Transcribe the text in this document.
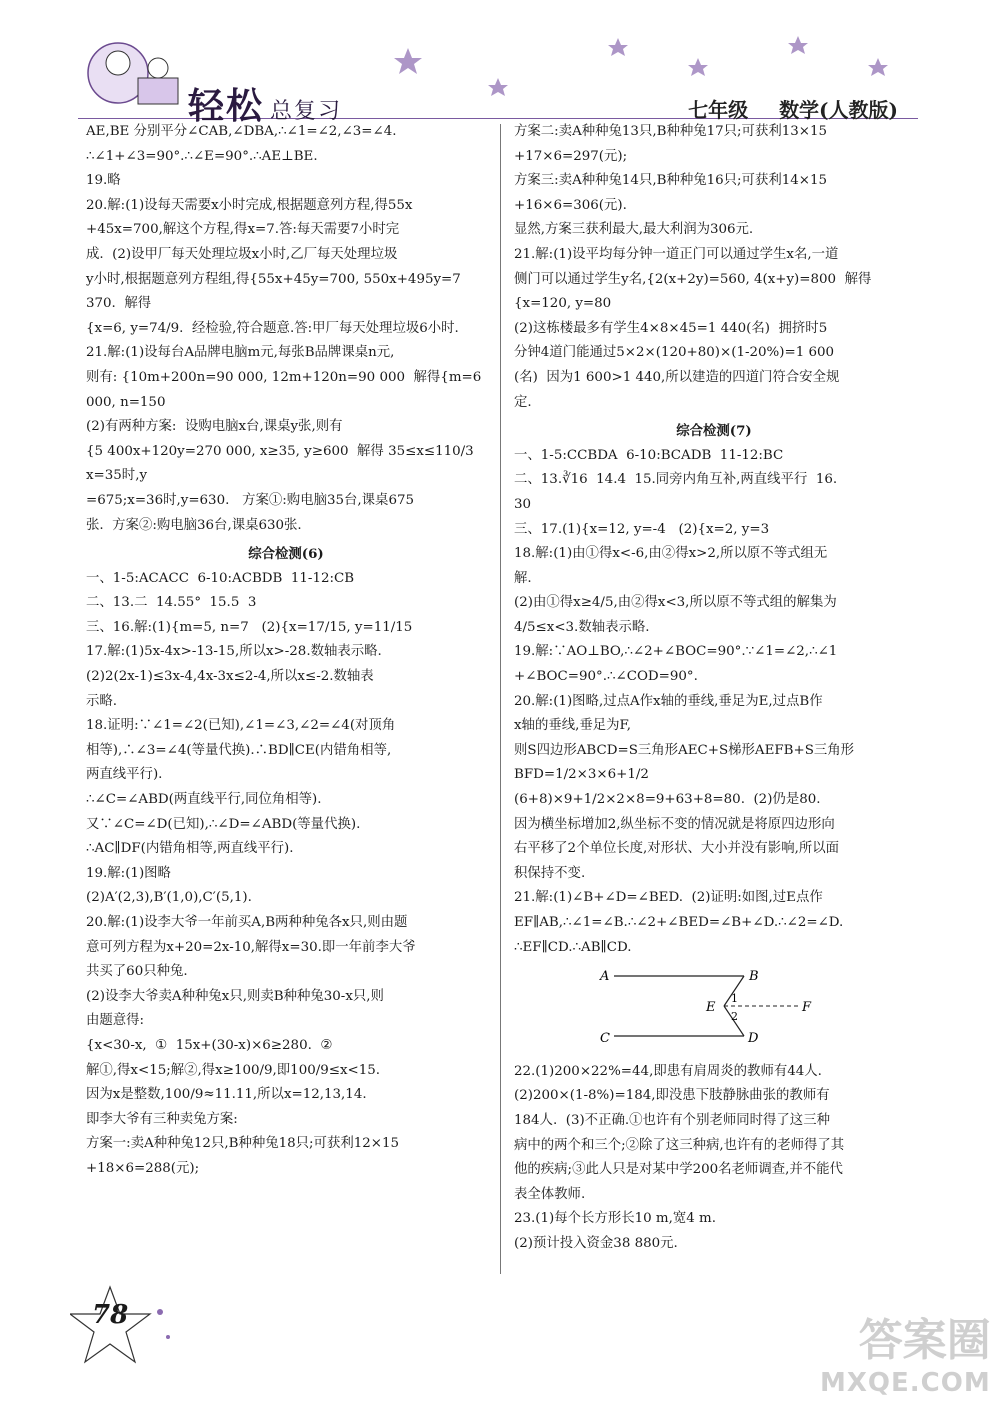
轻松 总复习	七年级 数学(人教版)

AE,BE 分别平分∠CAB,∠DBA,∴∠1=∠2,∠3=∠4.

∴∠1+∠3=90°.∴∠E=90°.∴AE⊥BE.

19.略

20.解:(1)设每天需要x小时完成,根据题意列方程,得55x

+45x=700,解这个方程,得x=7.答:每天需要7小时完

成.  (2)设甲厂每天处理垃圾x小时,乙厂每天处理垃圾

y小时,根据题意列方程组,得{55x+45y=700, 550x+495y=7 370.  解得

{x=6, y=74/9.  经检验,符合题意.答:甲厂每天处理垃圾6小时.

21.解:(1)设每台A品牌电脑m元,每张B品牌课桌n元,

则有: {10m+200n=90 000, 12m+120n=90 000  解得{m=6 000, n=150

(2)有两种方案:  设购电脑x台,课桌y张,则有

{5 400x+120y=270 000, x≥35, y≥600  解得 35≤x≤110/3    x=35时,y

=675;x=36时,y=630.   方案①:购电脑35台,课桌675

张.  方案②:购电脑36台,课桌630张.

综合检测(6)

一、1-5:ACACC  6-10:ACBDB  11-12:CB

二、13.二  14.55°  15.5  3

三、16.解:(1){m=5, n=7   (2){x=17/15, y=11/15

17.解:(1)5x-4x>-13-15,所以x>-28.数轴表示略.

(2)2(2x-1)≤3x-4,4x-3x≤2-4,所以x≤-2.数轴表

示略.

18.证明:∵∠1=∠2(已知),∠1=∠3,∠2=∠4(对顶角

相等),∴∠3=∠4(等量代换).∴BD∥CE(内错角相等,

两直线平行).

∴∠C=∠ABD(两直线平行,同位角相等).

又∵∠C=∠D(已知),∴∠D=∠ABD(等量代换).

∴AC∥DF(内错角相等,两直线平行).

19.解:(1)图略

(2)A′(2,3),B′(1,0),C′(5,1).

20.解:(1)设李大爷一年前买A,B两种种兔各x只,则由题

意可列方程为x+20=2x-10,解得x=30.即一年前李大爷

共买了60只种兔.

(2)设李大爷卖A种种兔x只,则卖B种种兔30-x只,则

由题意得:

{x<30-x,  ①  15x+(30-x)×6≥280.  ②

解①,得x<15;解②,得x≥100/9,即100/9≤x<15.

因为x是整数,100/9≈11.11,所以x=12,13,14.

即李大爷有三种卖兔方案:

方案一:卖A种种兔12只,B种种兔18只;可获利12×15

+18×6=288(元);

方案二:卖A种种兔13只,B种种兔17只;可获利13×15

+17×6=297(元);

方案三:卖A种种兔14只,B种种兔16只;可获利14×15

+16×6=306(元).

显然,方案三获利最大,最大利润为306元.

21.解:(1)设平均每分钟一道正门可以通过学生x名,一道

侧门可以通过学生y名,{2(x+2y)=560, 4(x+y)=800  解得{x=120, y=80

(2)这栋楼最多有学生4×8×45=1 440(名)  拥挤时5

分钟4道门能通过5×2×(120+80)×(1-20%)=1 600

(名)  因为1 600>1 440,所以建造的四道门符合安全规

定.

综合检测(7)

一、1-5:CCBDA  6-10:BCADB  11-12:BC

二、13.∛16  14.4  15.同旁内角互补,两直线平行  16.

30

三、17.(1){x=12, y=-4   (2){x=2, y=3

18.解:(1)由①得x<-6,由②得x>2,所以原不等式组无

解.

(2)由①得x≥4/5,由②得x<3,所以原不等式组的解集为

4/5≤x<3.数轴表示略.

19.解:∵AO⊥BO,∴∠2+∠BOC=90°.∵∠1=∠2,∴∠1

+∠BOC=90°.∴∠COD=90°.

20.解:(1)图略,过点A作x轴的垂线,垂足为E,过点B作

x轴的垂线,垂足为F,

则S四边形ABCD=S三角形AEC+S梯形AEFB+S三角形BFD=1/2×3×6+1/2

(6+8)×9+1/2×2×8=9+63+8=80.  (2)仍是80.

因为横坐标增加2,纵坐标不变的情况就是将原四边形向

右平移了2个单位长度,对形状、大小并没有影响,所以面

积保持不变.

21.解:(1)∠B+∠D=∠BED.  (2)证明:如图,过E点作

EF∥AB,∴∠1=∠B.∴∠2+∠BED=∠B+∠D.∴∠2=∠D.

∴EF∥CD.∴AB∥CD.

A	B
E	F
C	D
1
2

22.(1)200×22%=44,即患有肩周炎的教师有44人.

(2)200×(1-8%)=184,即没患下肢静脉曲张的教师有

184人.  (3)不正确.①也许有个别老师同时得了这三种

病中的两个和三个;②除了这三种病,也许有的老师得了其

他的疾病;③此人只是对某中学200名老师调查,并不能代

表全体教师.

23.(1)每个长方形长10 m,宽4 m.

(2)预计投入资金38 880元.

78	答案圈
MXQE.COM
